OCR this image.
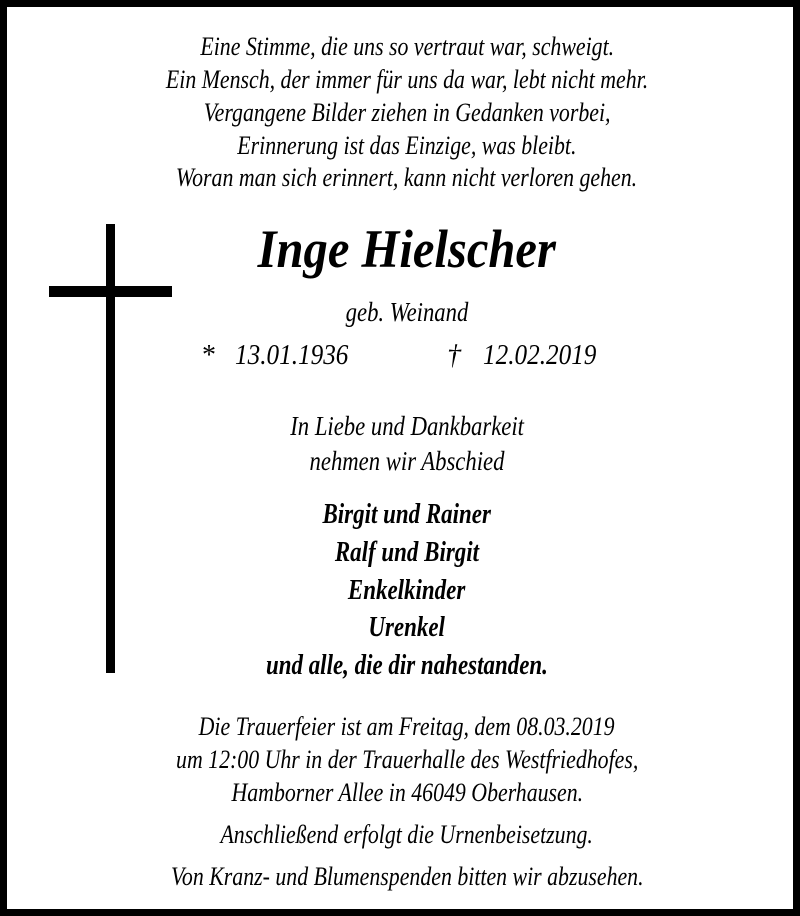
Eine Stimme, die uns so vertraut war, schweigt.
Ein Mensch, der immer für uns da war, lebt nicht mehr.
Vergangene Bilder ziehen in Gedanken vorbei,
Erinnerung ist das Einzige, was bleibt.
Woran man sich erinnert, kann nicht verloren gehen.
Inge Hielscher
geb. Weinand
* 13.01.1936	† 12.02.2019
In Liebe und Dankbarkeit
nehmen wir Abschied
Birgit und Rainer
Ralf und Birgit
Enkelkinder
Urenkel
und alle, die dir nahestanden.
Die Trauerfeier ist am Freitag, dem 08.03.2019
um 12:00 Uhr in der Trauerhalle des Westfriedhofes,
Hamborner Allee in 46049 Oberhausen.
Anschließend erfolgt die Urnenbeisetzung.
Von Kranz- und Blumenspenden bitten wir abzusehen.
